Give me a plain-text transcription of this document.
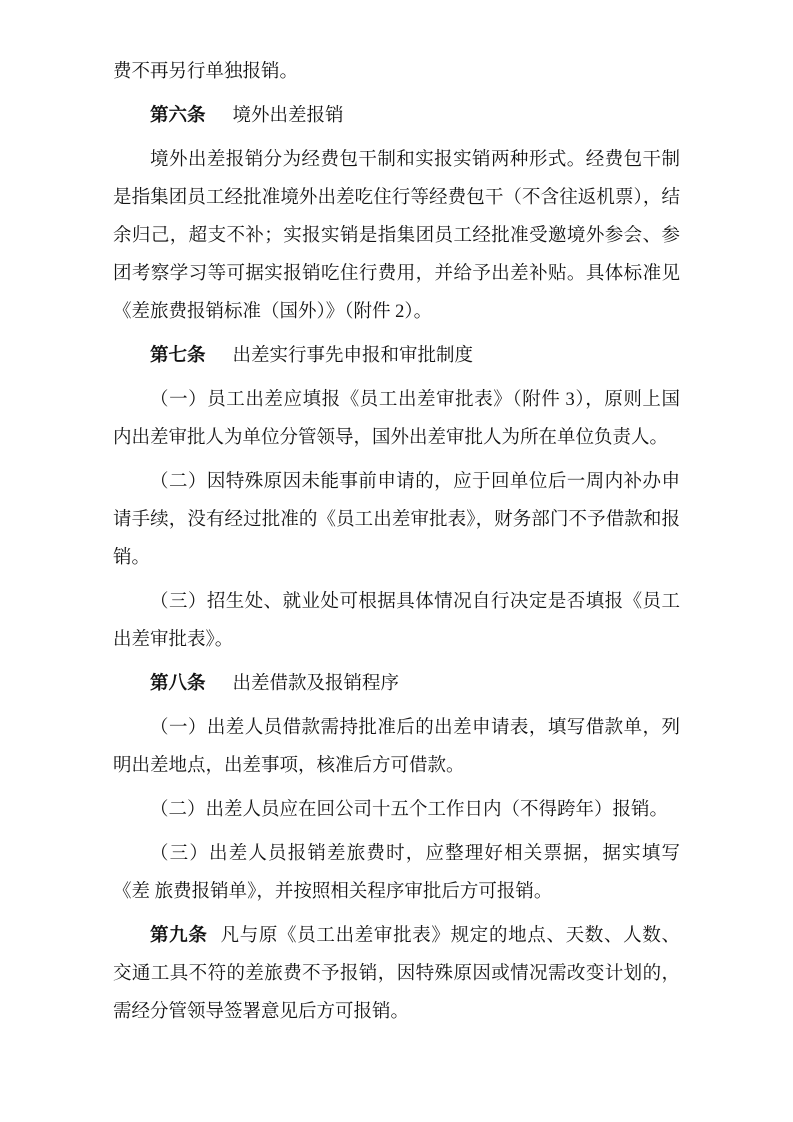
费不再另行单独报销。

第六条 境外出差报销

境外出差报销分为经费包干制和实报实销两种形式。经费包干制是指集团员工经批准境外出差吃住行等经费包干（不含往返机票），结余归己，超支不补；实报实销是指集团员工经批准受邀境外参会、参团考察学习等可据实报销吃住行费用，并给予出差补贴。具体标准见《差旅费报销标准（国外）》（附件 2）。

第七条 出差实行事先申报和审批制度

（一）员工出差应填报《员工出差审批表》（附件 3），原则上国 内出差审批人为单位分管领导，国外出差审批人为所在单位负责人。

（二）因特殊原因未能事前申请的，应于回单位后一周内补办申请手续，没有经过批准的《员工出差审批表》，财务部门不予借款和报销。

（三）招生处、就业处可根据具体情况自行决定是否填报《员工出差审批表》。

第八条 出差借款及报销程序

（一）出差人员借款需持批准后的出差申请表，填写借款单，列明出差地点，出差事项，核准后方可借款。

（二）出差人员应在回公司十五个工作日内（不得跨年）报销。

（三）出差人员报销差旅费时，应整理好相关票据，据实填写《差 旅费报销单》，并按照相关程序审批后方可报销。

第九条 凡与原《员工出差审批表》规定的地点、天数、人数、交通工具不符的差旅费不予报销，因特殊原因或情况需改变计划的，需经分管领导签署意见后方可报销。
